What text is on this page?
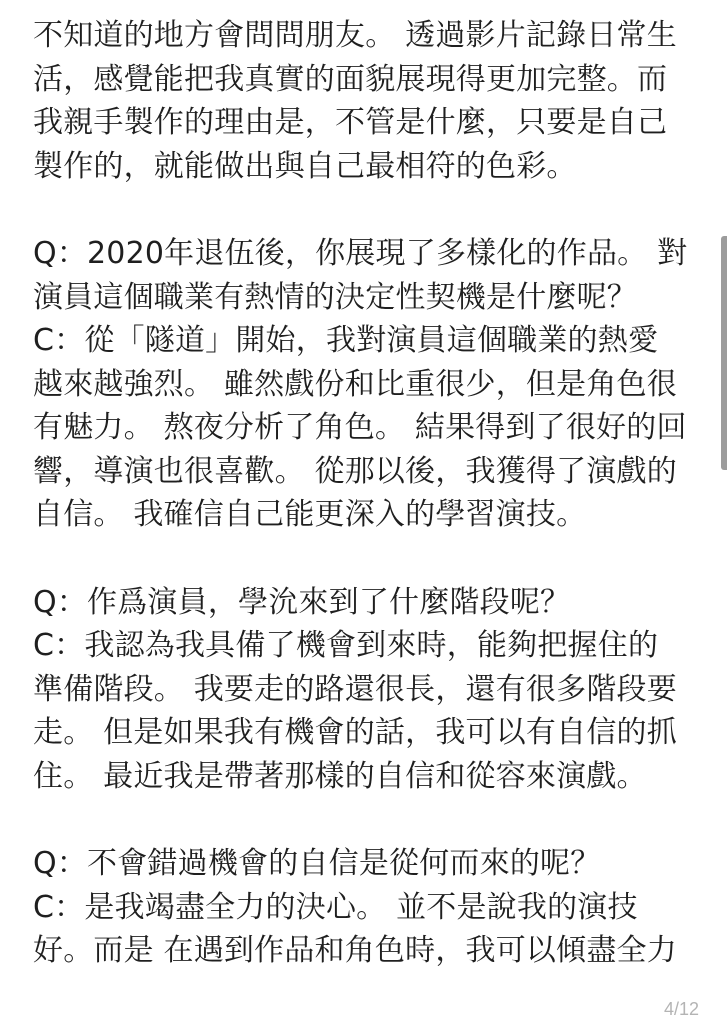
不知道的地方會問問朋友。 透過影片記錄日常生
活，感覺能把我真實的面貌展現得更加完整。而
我親手製作的理由是，不管是什麼，只要是自己
製作的，就能做出與自己最相符的色彩。
Q：2020年退伍後，你展現了多樣化的作品。 對
演員這個職業有熱情的決定性契機是什麼呢？
C：從「隧道」開始，我對演員這個職業的熱愛
越來越強烈。 雖然戲份和比重很少，但是角色很
有魅力。 熬夜分析了角色。 結果得到了很好的回
響，導演也很喜歡。 從那以後，我獲得了演戲的
自信。 我確信自己能更深入的學習演技。
Q：作爲演員，學沇來到了什麼階段呢？
C：我認為我具備了機會到來時，能夠把握住的
準備階段。 我要走的路還很長，還有很多階段要
走。 但是如果我有機會的話，我可以有自信的抓
住。 最近我是帶著那樣的自信和從容來演戲。
Q：不會錯過機會的自信是從何而來的呢？
C：是我竭盡全力的決心。 並不是說我的演技
好。而是 在遇到作品和角色時，我可以傾盡全力
4/12
